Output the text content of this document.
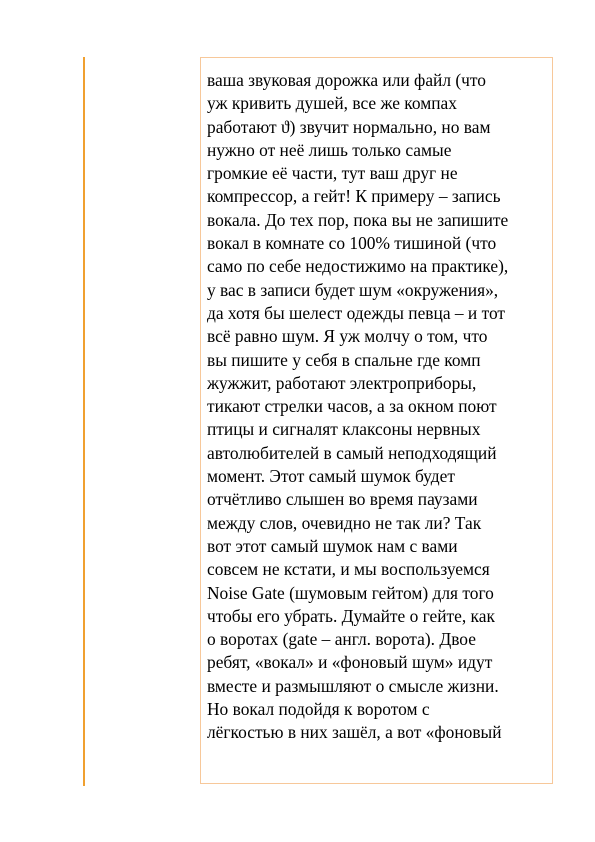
ваша звуковая дорожка или файл (что
уж кривить душей, все же компах
работают ϑ) звучит нормально, но вам
нужно от неё лишь только самые
громкие её части, тут ваш друг не
компрессор, а гейт! К примеру – запись
вокала. До тех пор, пока вы не запишите
вокал в комнате со 100% тишиной (что
само по себе недостижимо на практике),
у вас в записи будет шум «окружения»,
да хотя бы шелест одежды певца – и тот
всё равно шум. Я уж молчу о том, что
вы пишите у себя в спальне где комп
жужжит, работают электроприборы,
тикают стрелки часов, а за окном поют
птицы и сигналят клаксоны нервных
автолюбителей в самый неподходящий
момент. Этот самый шумок будет
отчётливо слышен во время паузами
между слов, очевидно не так ли? Так
вот этот самый шумок нам с вами
совсем не кстати, и мы воспользуемся
Noise Gate (шумовым гейтом) для того
чтобы его убрать. Думайте о гейте, как
о воротах (gate – англ. ворота). Двое
ребят, «вокал» и «фоновый шум» идут
вместе и размышляют о смысле жизни.
Но вокал подойдя к воротом с
лёгкостью в них зашёл, а вот «фоновый
